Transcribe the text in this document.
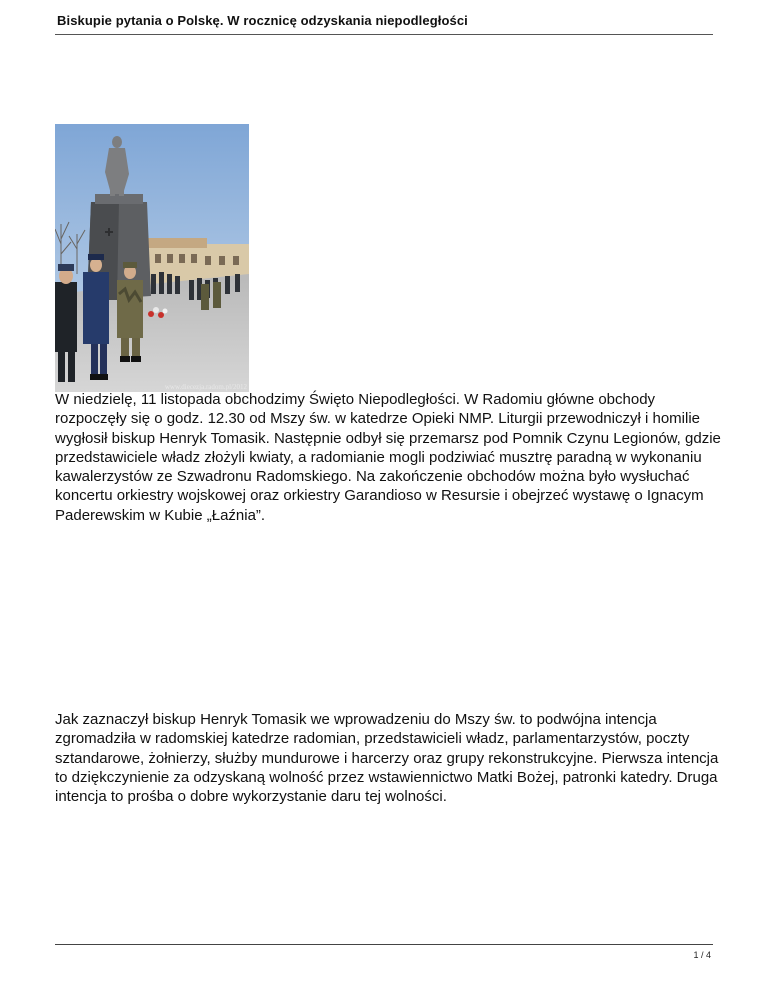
Biskupie pytania o Polskę. W rocznicę odzyskania niepodległości
www.diecezja.radom.pl/2012

W niedzielę, 11 listopada obchodzimy Święto Niepodległości. W Radomiu główne obchody rozpoczęły się o godz. 12.30 od Mszy św. w katedrze Opieki NMP. Liturgii przewodniczył i homilie wygłosił biskup Henryk Tomasik. Następnie odbył się przemarsz pod Pomnik Czynu Legionów, gdzie przedstawiciele władz złożyli kwiaty, a radomianie mogli podziwiać musztrę paradną w wykonaniu kawalerzystów ze Szwadronu Radomskiego. Na zakończenie obchodów można było wysłuchać koncertu orkiestry wojskowej oraz orkiestry Garandioso w Resursie i obejrzeć wystawę o Ignacym Paderewskim w Kubie „Łaźnia”.

Jak zaznaczył biskup Henryk Tomasik we wprowadzeniu do Mszy św. to podwójna intencja zgromadziła w radomskiej katedrze radomian, przedstawicieli władz, parlamentarzystów, poczty sztandarowe, żołnierzy, służby mundurowe i harcerzy oraz grupy rekonstrukcyjne. Pierwsza intencja to dziękczynienie za odzyskaną wolność przez wstawiennictwo Matki Bożej, patronki katedry. Druga intencja to prośba o dobre wykorzystanie daru tej wolności.

1 / 4
